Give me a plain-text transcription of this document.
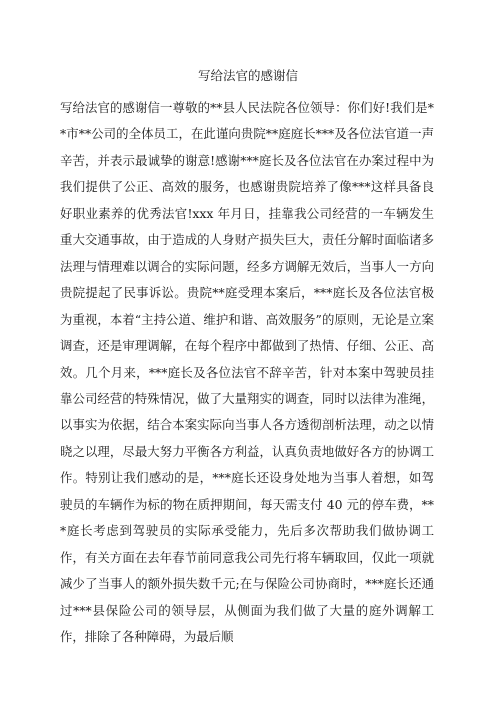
写给法官的感谢信

写给法官的感谢信一尊敬的**县人民法院各位领导：你们好!我们是**市**公司的全体员工，在此谨向贵院**庭庭长***及各位法官道一声辛苦，并表示最诚挚的谢意!感谢***庭长及各位法官在办案过程中为我们提供了公正、高效的服务，也感谢贵院培养了像***这样具备良好职业素养的优秀法官!xxx 年月日，挂靠我公司经营的一车辆发生重大交通事故，由于造成的人身财产损失巨大，责任分解时面临诸多法理与情理难以调合的实际问题，经多方调解无效后，当事人一方向贵院提起了民事诉讼。贵院**庭受理本案后，***庭长及各位法官极为重视，本着“主持公道、维护和谐、高效服务”的原则，无论是立案调查，还是审理调解，在每个程序中都做到了热情、仔细、公正、高效。几个月来，***庭长及各位法官不辞辛苦，针对本案中驾驶员挂靠公司经营的特殊情况，做了大量翔实的调查，同时以法律为准绳，以事实为依据，结合本案实际向当事人各方透彻剖析法理，动之以情晓之以理，尽最大努力平衡各方利益，认真负责地做好各方的协调工作。特别让我们感动的是，***庭长还设身处地为当事人着想，如驾驶员的车辆作为标的物在质押期间，每天需支付 40 元的停车费，***庭长考虑到驾驶员的实际承受能力，先后多次帮助我们做协调工作，有关方面在去年春节前同意我公司先行将车辆取回，仅此一项就减少了当事人的额外损失数千元;在与保险公司协商时，***庭长还通过***县保险公司的领导层，从侧面为我们做了大量的庭外调解工作，排除了各种障碍，为最后顺
